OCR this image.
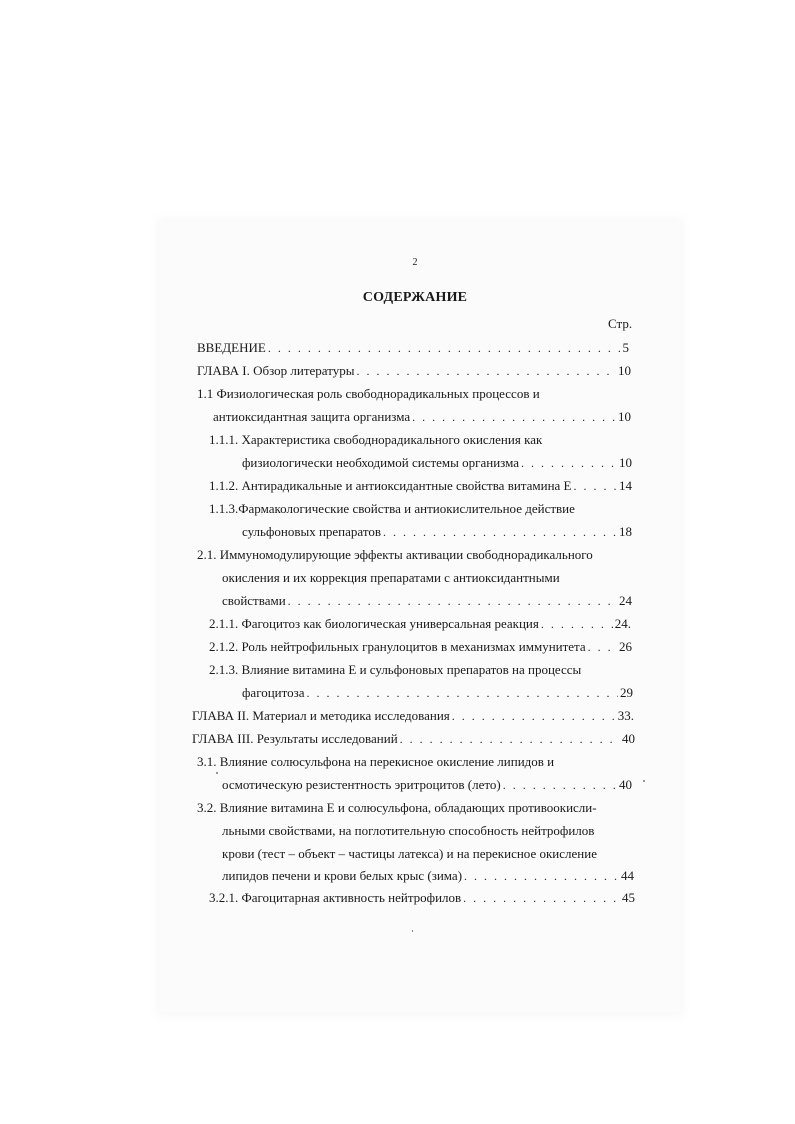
2
СОДЕРЖАНИЕ
Стр.
ВВЕДЕНИЕ . . .	5
ГЛАВА I. Обзор литературы . . .	10
1.1 Физиологическая роль свободнорадикальных процессов и
антиоксидантная защита организма . . .	10
1.1.1. Характеристика свободнорадикального окисления как
физиологически необходимой системы организма . . .	10
1.1.2. Антирадикальные и антиоксидантные свойства витамина Е . . .	14
1.1.3.Фармакологические свойства и антиокислительное действие
сульфоновых препаратов . . .	18
2.1. Иммуномодулирующие эффекты активации свободнорадикального
окисления и их коррекция препаратами с антиоксидантными
свойствами . . .	24
2.1.1. Фагоцитоз как биологическая универсальная реакция . . .	24.
2.1.2. Роль нейтрофильных гранулоцитов в механизмах иммунитета . . .	26
2.1.3. Влияние витамина Е и сульфоновых препаратов на процессы
фагоцитоза . . .	29
ГЛАВА II. Материал и методика исследования . . .	33.
ГЛАВА III. Результаты исследований . . .	40
3.1. Влияние солюсульфона на перекисное окисление липидов и
осмотическую резистентность эритроцитов (лето) . . .	40
3.2. Влияние витамина Е и солюсульфона, обладающих противоокисли-
льными свойствами, на поглотительную способность нейтрофилов
крови (тест – объект – частицы латекса) и на перекисное окисление
липидов печени и крови белых крыс (зима) . . .	44
3.2.1. Фагоцитарная активность нейтрофилов . . .	45
